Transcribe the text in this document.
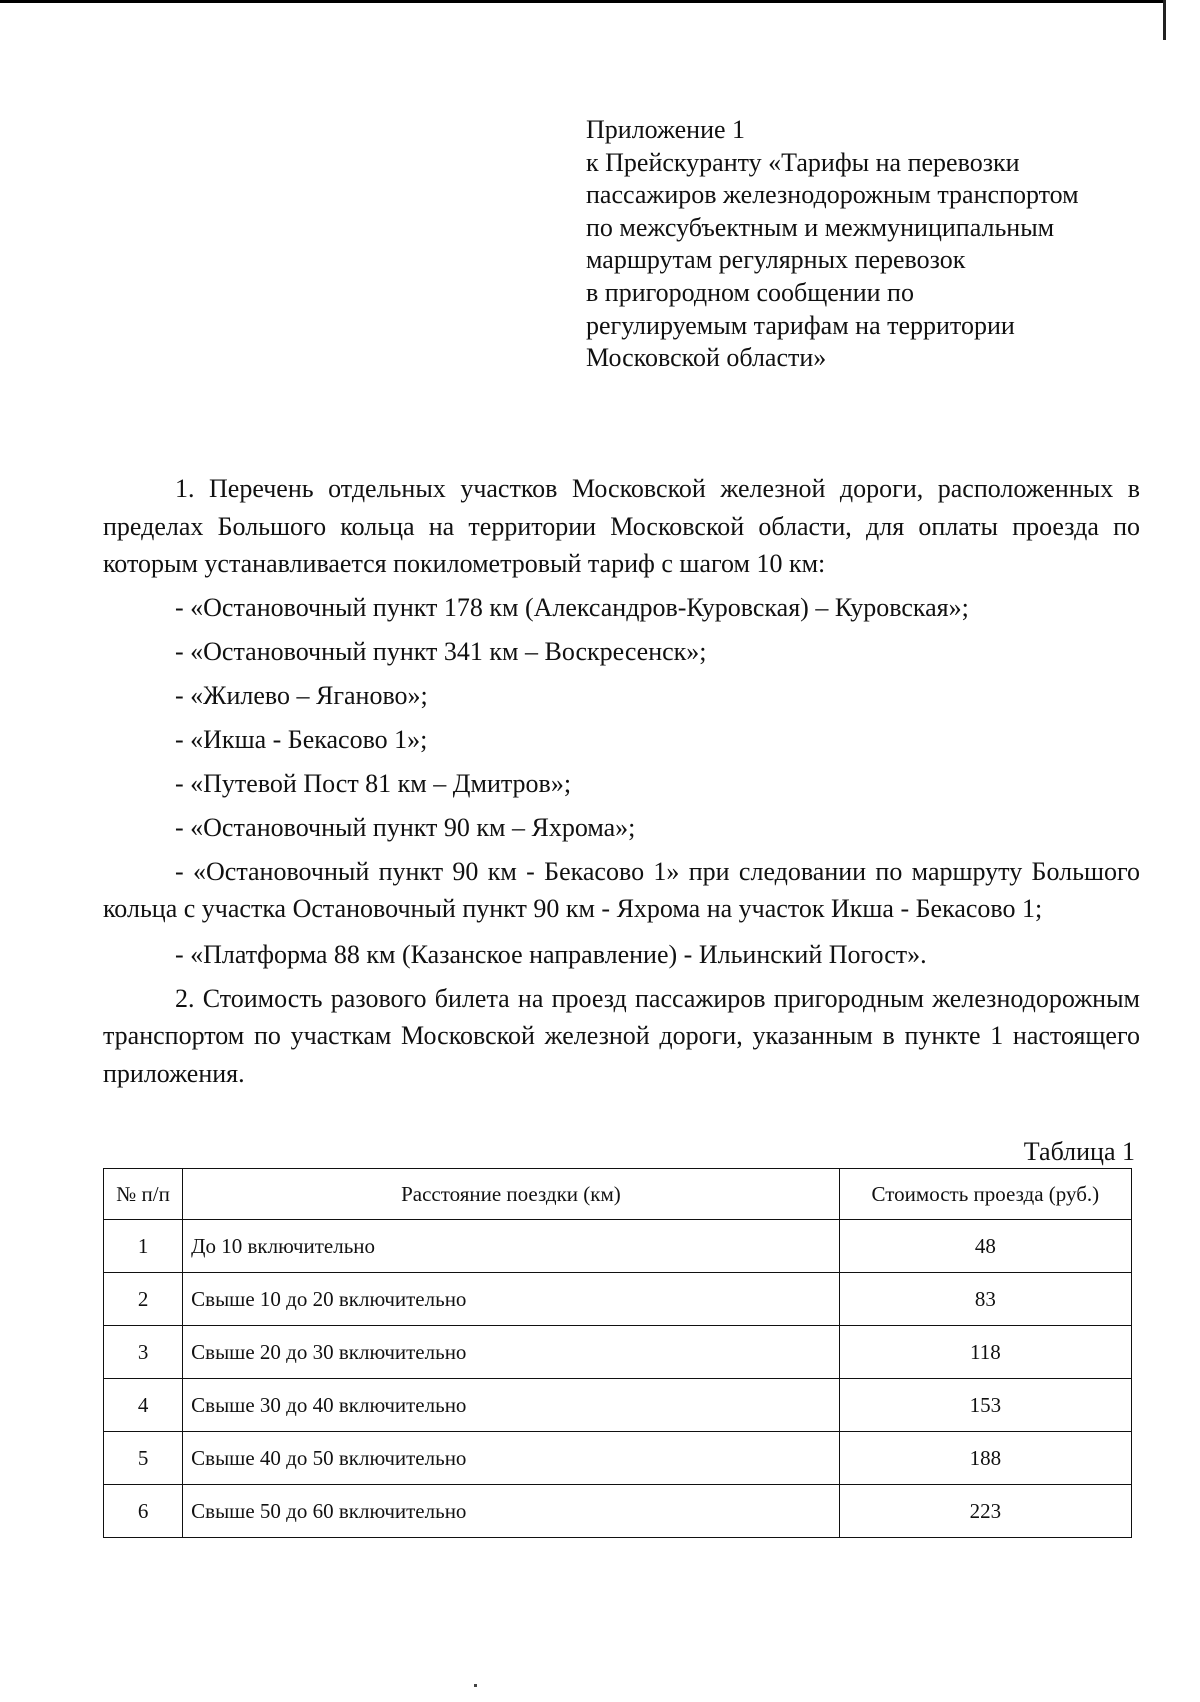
Приложение 1
к Прейскуранту «Тарифы на перевозки
пассажиров железнодорожным транспортом
по межсубъектным и межмуниципальным
маршрутам регулярных перевозок
в пригородном сообщении по
регулируемым тарифам на территории
Московской области»

1. Перечень отдельных участков Московской железной дороги, расположенных в пределах Большого кольца на территории Московской области, для оплаты проезда по которым устанавливается покилометровый тариф с шагом 10 км:

- «Остановочный пункт 178 км (Александров-Куровская) – Куровская»;
- «Остановочный пункт 341 км – Воскресенск»;
- «Жилево – Яганово»;
- «Икша - Бекасово 1»;
- «Путевой Пост 81 км – Дмитров»;
- «Остановочный пункт 90 км – Яхрома»;
- «Остановочный пункт 90 км - Бекасово 1» при следовании по маршруту Большого кольца с участка Остановочный пункт 90 км - Яхрома на участок Икша - Бекасово 1;
- «Платформа 88 км (Казанское направление) - Ильинский Погост».

2. Стоимость разового билета на проезд пассажиров пригородным железнодорожным транспортом по участкам Московской железной дороги, указанным в пункте 1 настоящего приложения.

Таблица 1
№ п/п	Расстояние поездки (км)	Стоимость проезда (руб.)
1	До 10 включительно	48
2	Свыше 10 до 20 включительно	83
3	Свыше 20 до 30 включительно	118
4	Свыше 30 до 40 включительно	153
5	Свыше 40 до 50 включительно	188
6	Свыше 50 до 60 включительно	223
